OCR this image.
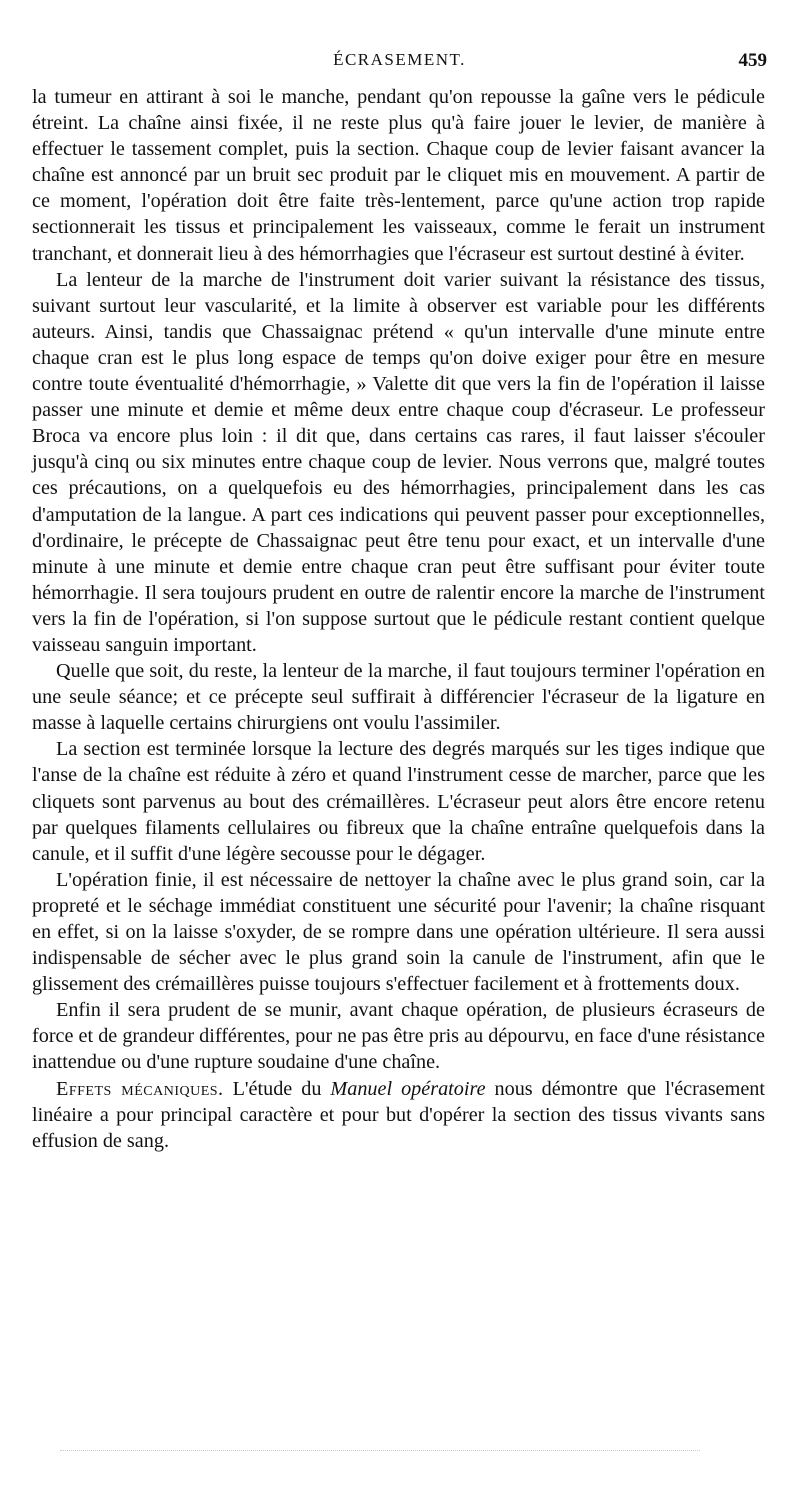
ÉCRASEMENT.	459

la tumeur en attirant à soi le manche, pendant qu'on repousse la gaîne vers le pédicule étreint. La chaîne ainsi fixée, il ne reste plus qu'à faire jouer le levier, de manière à effectuer le tassement complet, puis la section. Chaque coup de levier faisant avancer la chaîne est annoncé par un bruit sec produit par le cliquet mis en mouvement. A partir de ce moment, l'opération doit être faite très-lentement, parce qu'une action trop rapide sectionnerait les tissus et principalement les vaisseaux, comme le ferait un instrument tranchant, et donnerait lieu à des hémorrhagies que l'écraseur est surtout destiné à éviter.

La lenteur de la marche de l'instrument doit varier suivant la résistance des tissus, suivant surtout leur vascularité, et la limite à observer est variable pour les différents auteurs. Ainsi, tandis que Chassaignac prétend « qu'un intervalle d'une minute entre chaque cran est le plus long espace de temps qu'on doive exiger pour être en mesure contre toute éventualité d'hémorrhagie, » Valette dit que vers la fin de l'opération il laisse passer une minute et demie et même deux entre chaque coup d'écraseur. Le professeur Broca va encore plus loin : il dit que, dans certains cas rares, il faut laisser s'écouler jusqu'à cinq ou six minutes entre chaque coup de levier. Nous verrons que, malgré toutes ces précautions, on a quelquefois eu des hémorrhagies, principalement dans les cas d'amputation de la langue. A part ces indications qui peuvent passer pour exceptionnelles, d'ordinaire, le précepte de Chassaignac peut être tenu pour exact, et un intervalle d'une minute à une minute et demie entre chaque cran peut être suffisant pour éviter toute hémorrhagie. Il sera toujours prudent en outre de ralentir encore la marche de l'instrument vers la fin de l'opération, si l'on suppose surtout que le pédicule restant contient quelque vaisseau sanguin important.

Quelle que soit, du reste, la lenteur de la marche, il faut toujours terminer l'opération en une seule séance; et ce précepte seul suffirait à différencier l'écraseur de la ligature en masse à laquelle certains chirurgiens ont voulu l'assimiler.

La section est terminée lorsque la lecture des degrés marqués sur les tiges indique que l'anse de la chaîne est réduite à zéro et quand l'instrument cesse de marcher, parce que les cliquets sont parvenus au bout des crémaillères. L'écraseur peut alors être encore retenu par quelques filaments cellulaires ou fibreux que la chaîne entraîne quelquefois dans la canule, et il suffit d'une légère secousse pour le dégager.

L'opération finie, il est nécessaire de nettoyer la chaîne avec le plus grand soin, car la propreté et le séchage immédiat constituent une sécurité pour l'avenir; la chaîne risquant en effet, si on la laisse s'oxyder, de se rompre dans une opération ultérieure. Il sera aussi indispensable de sécher avec le plus grand soin la canule de l'instrument, afin que le glissement des crémaillères puisse toujours s'effectuer facilement et à frottements doux.

Enfin il sera prudent de se munir, avant chaque opération, de plusieurs écraseurs de force et de grandeur différentes, pour ne pas être pris au dépourvu, en face d'une résistance inattendue ou d'une rupture soudaine d'une chaîne.

Effets mécaniques. L'étude du Manuel opératoire nous démontre que l'écrasement linéaire a pour principal caractère et pour but d'opérer la section des tissus vivants sans effusion de sang.
